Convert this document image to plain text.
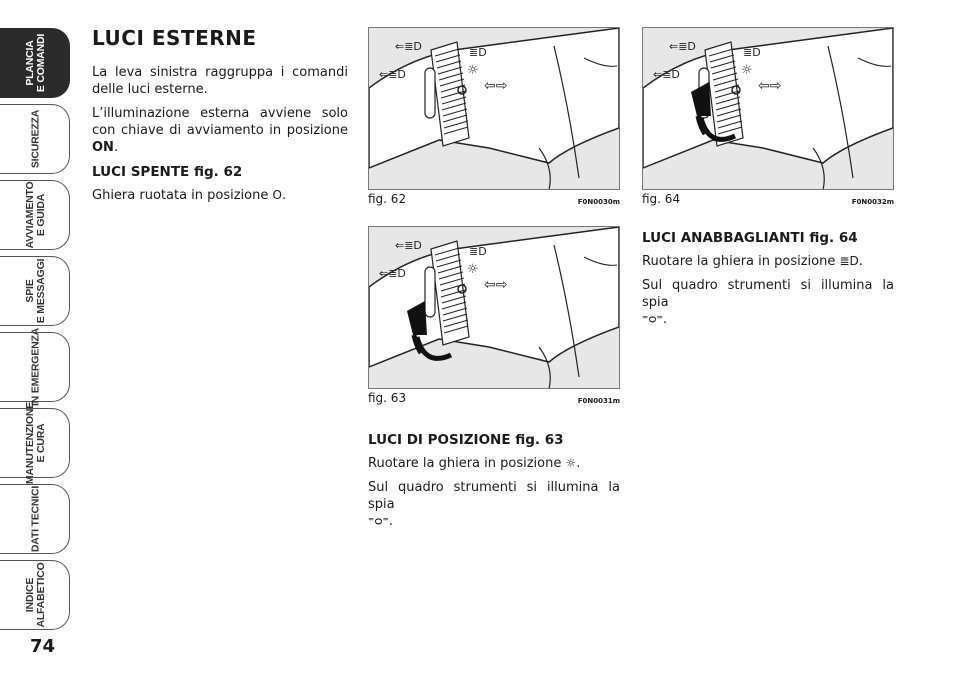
PLANCIA
E COMANDI
SICUREZZA
AVVIAMENTO
E GUIDA
SPIE
E MESSAGGI
IN EMERGENZA
MANUTENZIONE
E CURA
DATI TECNICI
INDICE
ALFABETICO
74
LUCI ESTERNE

La leva sinistra raggruppa i comandi delle luci esterne.

L’illuminazione esterna avviene solo con chiave di avviamento in posizione ON.

LUCI SPENTE fig. 62

Ghiera ruotata in posizione O.	fig. 62	F0N0030m
fig. 63	F0N0031m
fig. 64	F0N0032m
LUCI DI POSIZIONE fig. 63

Ruotare la ghiera in posizione ☼.

Sul quadro strumenti si illumina la spia
⁼ᴑ⁼.

LUCI ANABBAGLIANTI fig. 64

Ruotare la ghiera in posizione ≣D.

Sul quadro strumenti si illumina la spia
⁼ᴑ⁼.
